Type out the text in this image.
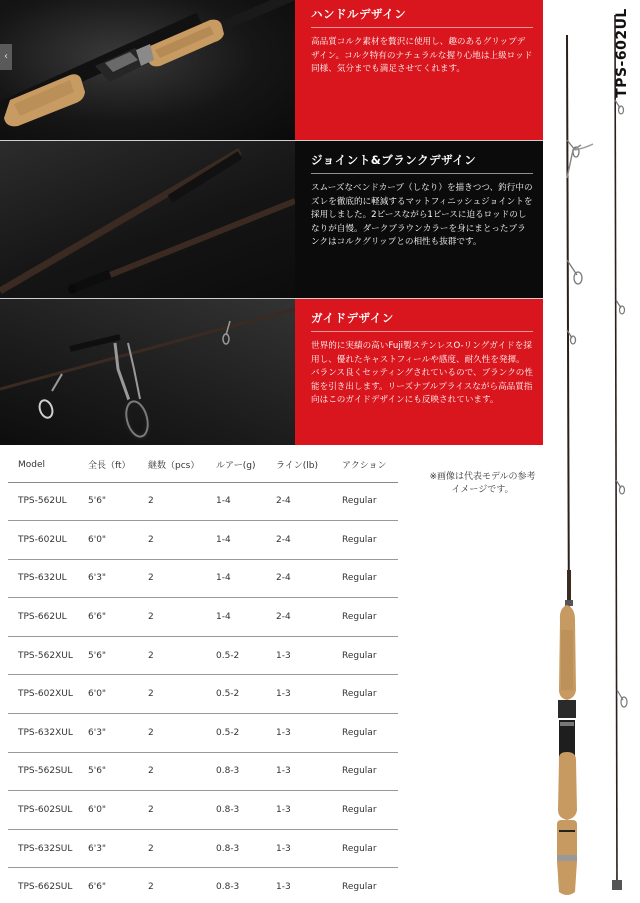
ハンドルデザイン

高品質コルク素材を贅沢に使用し、趣のあるグリップデザイン。コルク特有のナチュラルな握り心地は上級ロッド同様、気分までも満足させてくれます。

‹
ジョイント&ブランクデザイン

スムーズなベンドカーブ（しなり）を描きつつ、釣行中のズレを徹底的に軽減するマットフィニッシュジョイントを採用しました。2ピースながら1ピースに迫るロッドのしなりが自慢。ダークブラウンカラーを身にまとったブランクはコルクグリップとの相性も抜群です。

ガイドデザイン

世界的に実績の高いFuji製ステンレスO-リングガイドを採用し、優れたキャストフィールや感度、耐久性を発揮。バランス良くセッティングされているので、ブランクの性能を引き出します。リーズナブルプライスながら高品質指向はこのガイドデザインにも反映されています。

Model	全長（ft）	継数（pcs）	ルアー(g)	ライン(lb)	アクション
TPS-562UL	5'6"	2	1-4	2-4	Regular
TPS-602UL	6'0"	2	1-4	2-4	Regular
TPS-632UL	6'3"	2	1-4	2-4	Regular
TPS-662UL	6'6"	2	1-4	2-4	Regular
TPS-562XUL	5'6"	2	0.5-2	1-3	Regular
TPS-602XUL	6'0"	2	0.5-2	1-3	Regular
TPS-632XUL	6'3"	2	0.5-2	1-3	Regular
TPS-562SUL	5'6"	2	0.8-3	1-3	Regular
TPS-602SUL	6'0"	2	0.8-3	1-3	Regular
TPS-632SUL	6'3"	2	0.8-3	1-3	Regular
TPS-662SUL	6'6"	2	0.8-3	1-3	Regular

※画像は代表モデルの参考イメージです。

TPS-602UL
